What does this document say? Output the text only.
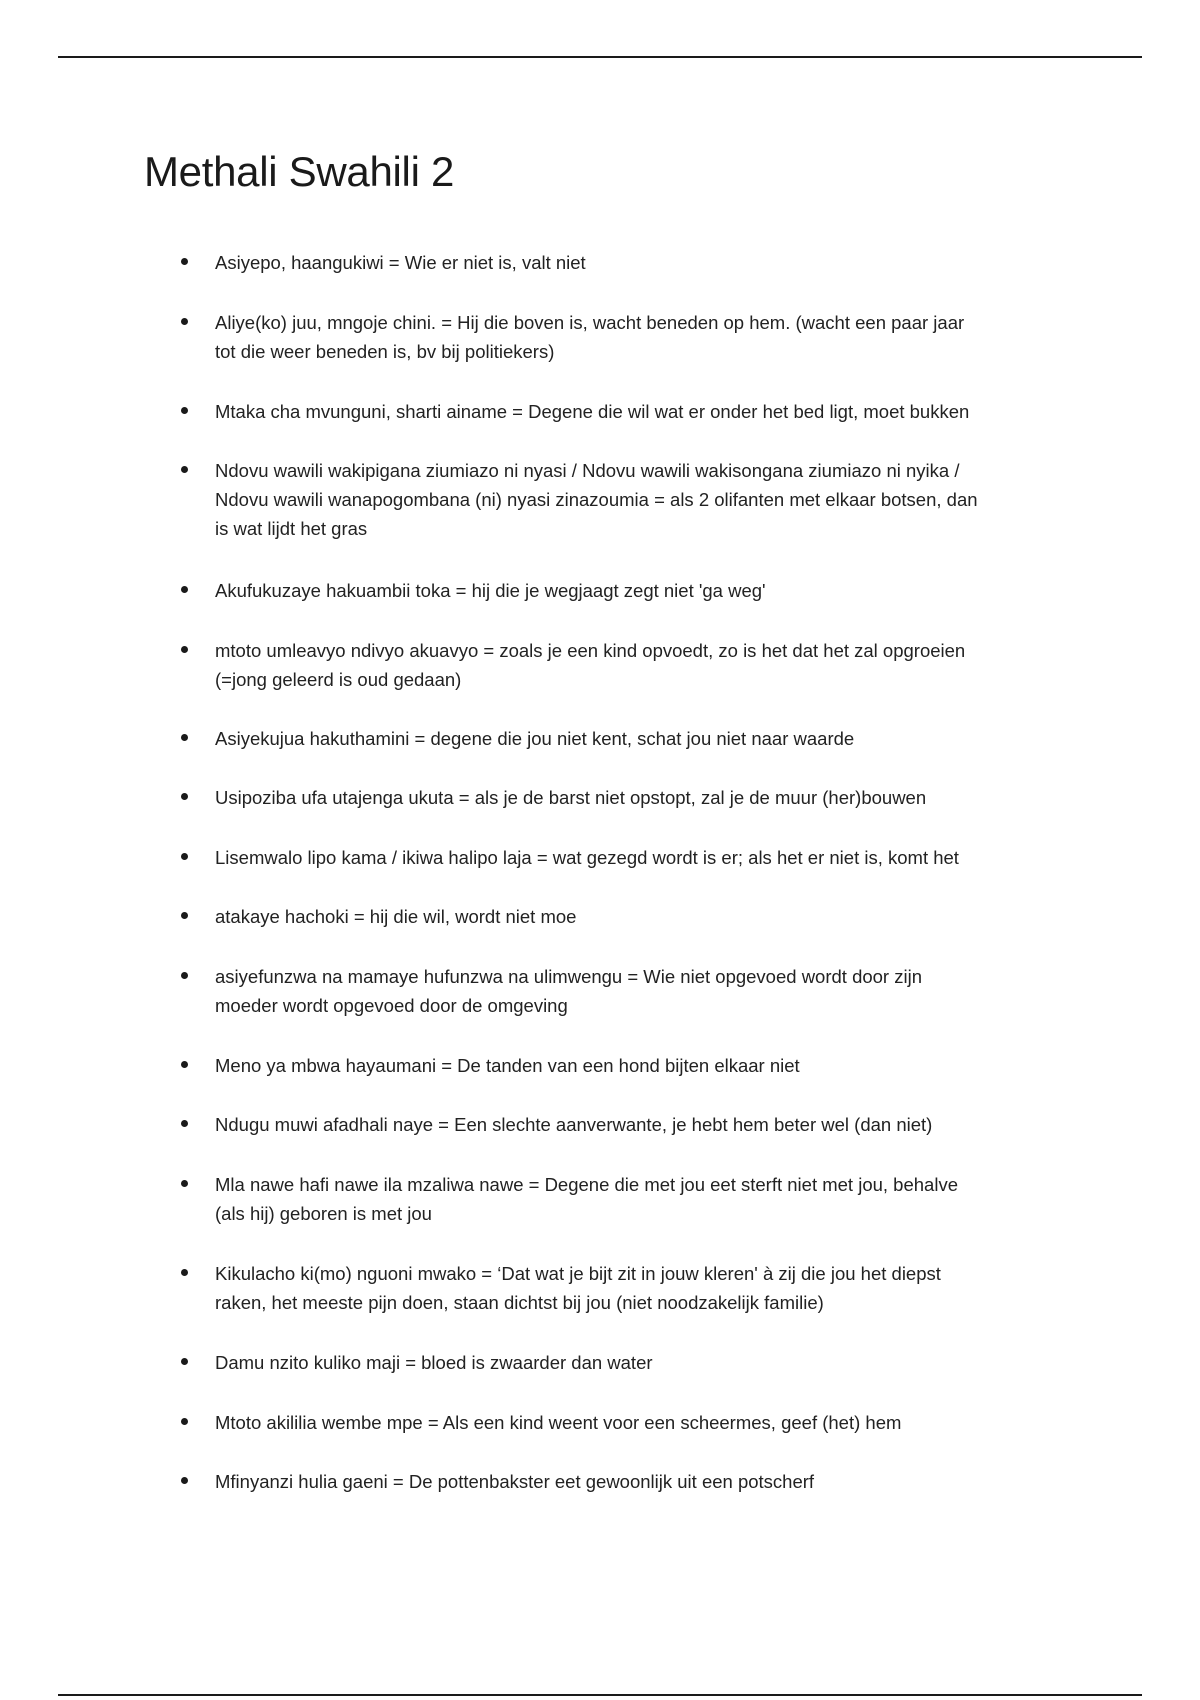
Methali Swahili 2
Asiyepo, haangukiwi = Wie er niet is, valt niet
Aliye(ko) juu, mngoje chini. = Hij die boven is, wacht beneden op hem. (wacht een paar jaar
tot die weer beneden is, bv bij politiekers)
Mtaka cha mvunguni, sharti ainame = Degene die wil wat er onder het bed ligt, moet bukken
Ndovu wawili wakipigana ziumiazo ni nyasi / Ndovu wawili wakisongana ziumiazo ni nyika /
Ndovu wawili wanapogombana (ni) nyasi zinazoumia = als 2 olifanten met elkaar botsen, dan
is wat lijdt het gras
Akufukuzaye hakuambii toka = hij die je wegjaagt zegt niet 'ga weg'
mtoto umleavyo ndivyo akuavyo = zoals je een kind opvoedt, zo is het dat het zal opgroeien
(=jong geleerd is oud gedaan)
Asiyekujua hakuthamini = degene die jou niet kent, schat jou niet naar waarde
Usipoziba ufa utajenga ukuta = als je de barst niet opstopt, zal je de muur (her)bouwen
Lisemwalo lipo kama / ikiwa halipo laja = wat gezegd wordt is er; als het er niet is, komt het
atakaye hachoki = hij die wil, wordt niet moe
asiyefunzwa na mamaye hufunzwa na ulimwengu = Wie niet opgevoed wordt door zijn
moeder wordt opgevoed door de omgeving
Meno ya mbwa hayaumani = De tanden van een hond bijten elkaar niet
Ndugu muwi afadhali naye = Een slechte aanverwante, je hebt hem beter wel (dan niet)
Mla nawe hafi nawe ila mzaliwa nawe = Degene die met jou eet sterft niet met jou, behalve
(als hij) geboren is met jou
Kikulacho ki(mo) nguoni mwako = ‘Dat wat je bijt zit in jouw kleren' à zij die jou het diepst
raken, het meeste pijn doen, staan dichtst bij jou (niet noodzakelijk familie)
Damu nzito kuliko maji = bloed is zwaarder dan water
Mtoto akililia wembe mpe = Als een kind weent voor een scheermes, geef (het) hem
Mfinyanzi hulia gaeni = De pottenbakster eet gewoonlijk uit een potscherf
